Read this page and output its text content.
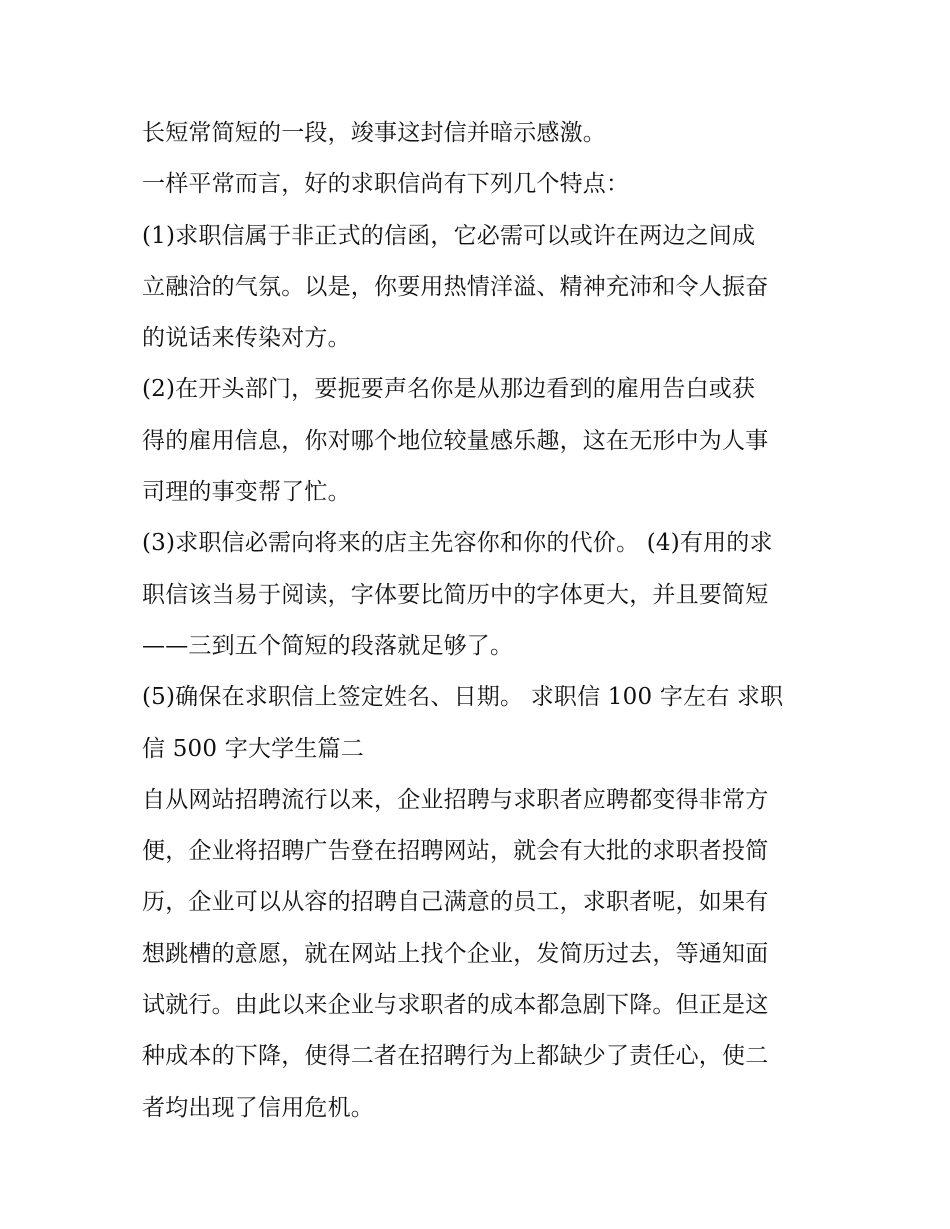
长短常简短的一段，竣事这封信并暗示感激。
一样平常而言，好的求职信尚有下列几个特点：
(1)求职信属于非正式的信函，它必需可以或许在两边之间成
立融洽的气氛。以是，你要用热情洋溢、精神充沛和令人振奋
的说话来传染对方。
(2)在开头部门，要扼要声名你是从那边看到的雇用告白或获
得的雇用信息，你对哪个地位较量感乐趣，这在无形中为人事
司理的事变帮了忙。
(3)求职信必需向将来的店主先容你和你的代价。 (4)有用的求
职信该当易于阅读，字体要比简历中的字体更大，并且要简短
——三到五个简短的段落就足够了。
(5)确保在求职信上签定姓名、日期。 求职信 100 字左右 求职
信 500 字大学生篇二
自从网站招聘流行以来，企业招聘与求职者应聘都变得非常方
便，企业将招聘广告登在招聘网站，就会有大批的求职者投简
历，企业可以从容的招聘自己满意的员工，求职者呢，如果有
想跳槽的意愿，就在网站上找个企业，发简历过去，等通知面
试就行。由此以来企业与求职者的成本都急剧下降。但正是这
种成本的下降，使得二者在招聘行为上都缺少了责任心，使二
者均出现了信用危机。
